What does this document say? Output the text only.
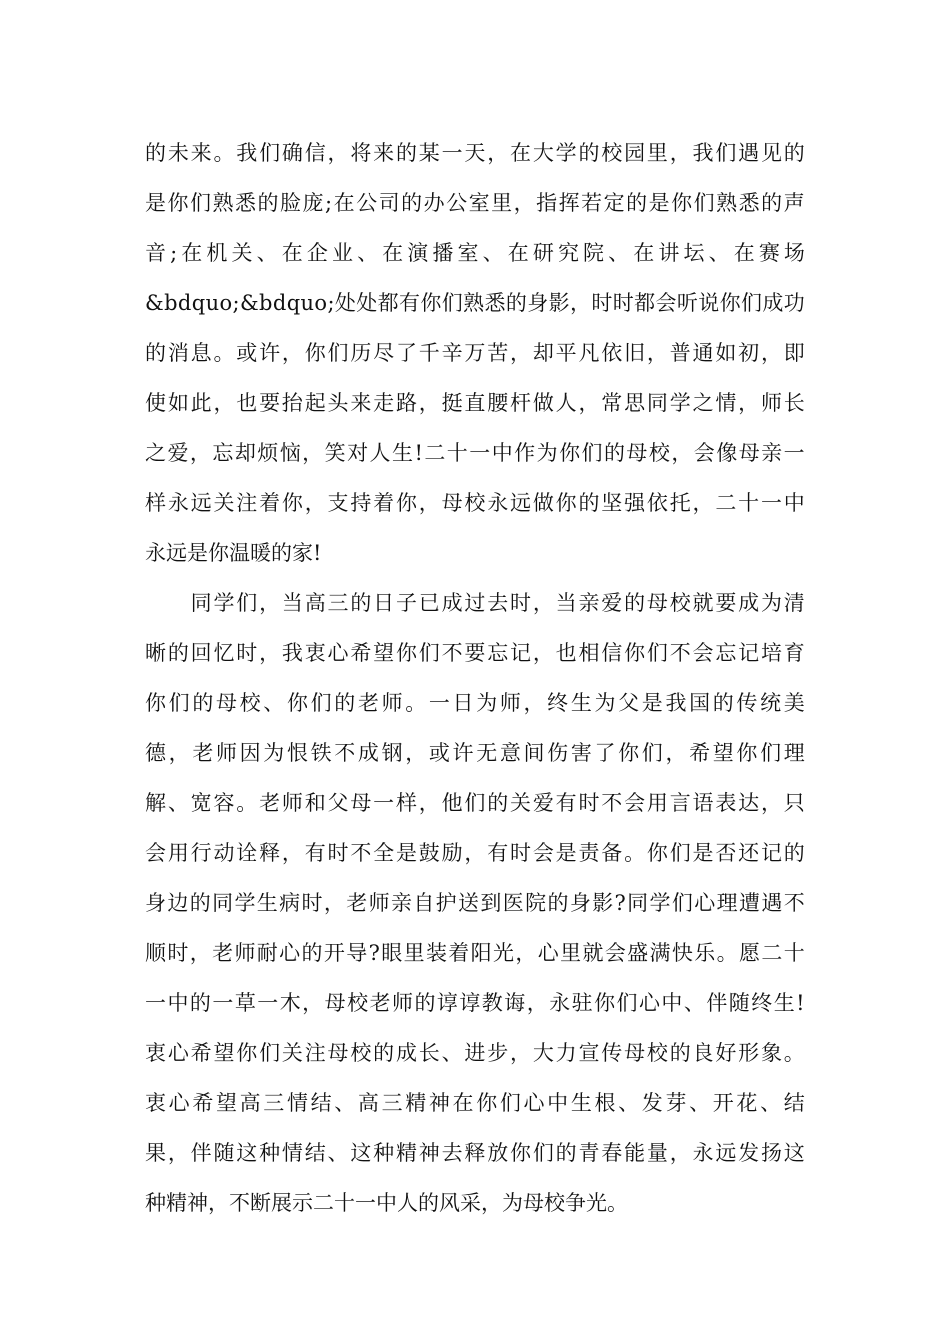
的 未 来 。 我 们 确 信 ， 将 来 的 某 一 天 ， 在 大 学 的 校 园 里 ， 我 们 遇 见 的
是 你 们 熟 悉 的 脸 庞 ; 在 公 司 的 办 公 室 里 ， 指 挥 若 定 的 是 你 们 熟 悉 的 声
音 ; 在 机 关 、 在 企 业 、 在 演 播 室 、 在 研 究 院 、 在 讲 坛 、 在 赛 场
& b d q u o ; & b d q u o ; 处 处 都 有 你 们 熟 悉 的 身 影 ， 时 时 都 会 听 说 你 们 成 功
的 消 息 。 或 许 ， 你 们 历 尽 了 千 辛 万 苦 ， 却 平 凡 依 旧 ， 普 通 如 初 ， 即
使 如 此 ， 也 要 抬 起 头 来 走 路 ， 挺 直 腰 杆 做 人 ， 常 思 同 学 之 情 ， 师 长
之 爱 ， 忘 却 烦 恼 ， 笑 对 人 生 ! 二 十 一 中 作 为 你 们 的 母 校 ， 会 像 母 亲 一
样 永 远 关 注 着 你 ， 支 持 着 你 ， 母 校 永 远 做 你 的 坚 强 依 托 ， 二 十 一 中
永远是你温暖的家!

同 学 们 ， 当 高 三 的 日 子 已 成 过 去 时 ， 当 亲 爱 的 母 校 就 要 成 为 清
晰 的 回 忆 时 ， 我 衷 心 希 望 你 们 不 要 忘 记 ， 也 相 信 你 们 不 会 忘 记 培 育
你 们 的 母 校 、 你 们 的 老 师 。 一 日 为 师 ， 终 生 为 父 是 我 国 的 传 统 美
德 ， 老 师 因 为 恨 铁 不 成 钢 ， 或 许 无 意 间 伤 害 了 你 们 ， 希 望 你 们 理
解 、 宽 容 。 老 师 和 父 母 一 样 ， 他 们 的 关 爱 有 时 不 会 用 言 语 表 达 ， 只
会 用 行 动 诠 释 ， 有 时 不 全 是 鼓 励 ， 有 时 会 是 责 备 。 你 们 是 否 还 记 的
身 边 的 同 学 生 病 时 ， 老 师 亲 自 护 送 到 医 院 的 身 影 ? 同 学 们 心 理 遭 遇 不
顺 时 ， 老 师 耐 心 的 开 导 ? 眼 里 装 着 阳 光 ， 心 里 就 会 盛 满 快 乐 。 愿 二 十
一 中 的 一 草 一 木 ， 母 校 老 师 的 谆 谆 教 诲 ， 永 驻 你 们 心 中 、 伴 随 终 生 !
衷 心 希 望 你 们 关 注 母 校 的 成 长 、 进 步 ， 大 力 宣 传 母 校 的 良 好 形 象 。
衷 心 希 望 高 三 情 结 、 高 三 精 神 在 你 们 心 中 生 根 、 发 芽 、 开 花 、 结
果 ， 伴 随 这 种 情 结 、 这 种 精 神 去 释 放 你 们 的 青 春 能 量 ， 永 远 发 扬 这
种精神，不断展示二十一中人的风采，为母校争光。
